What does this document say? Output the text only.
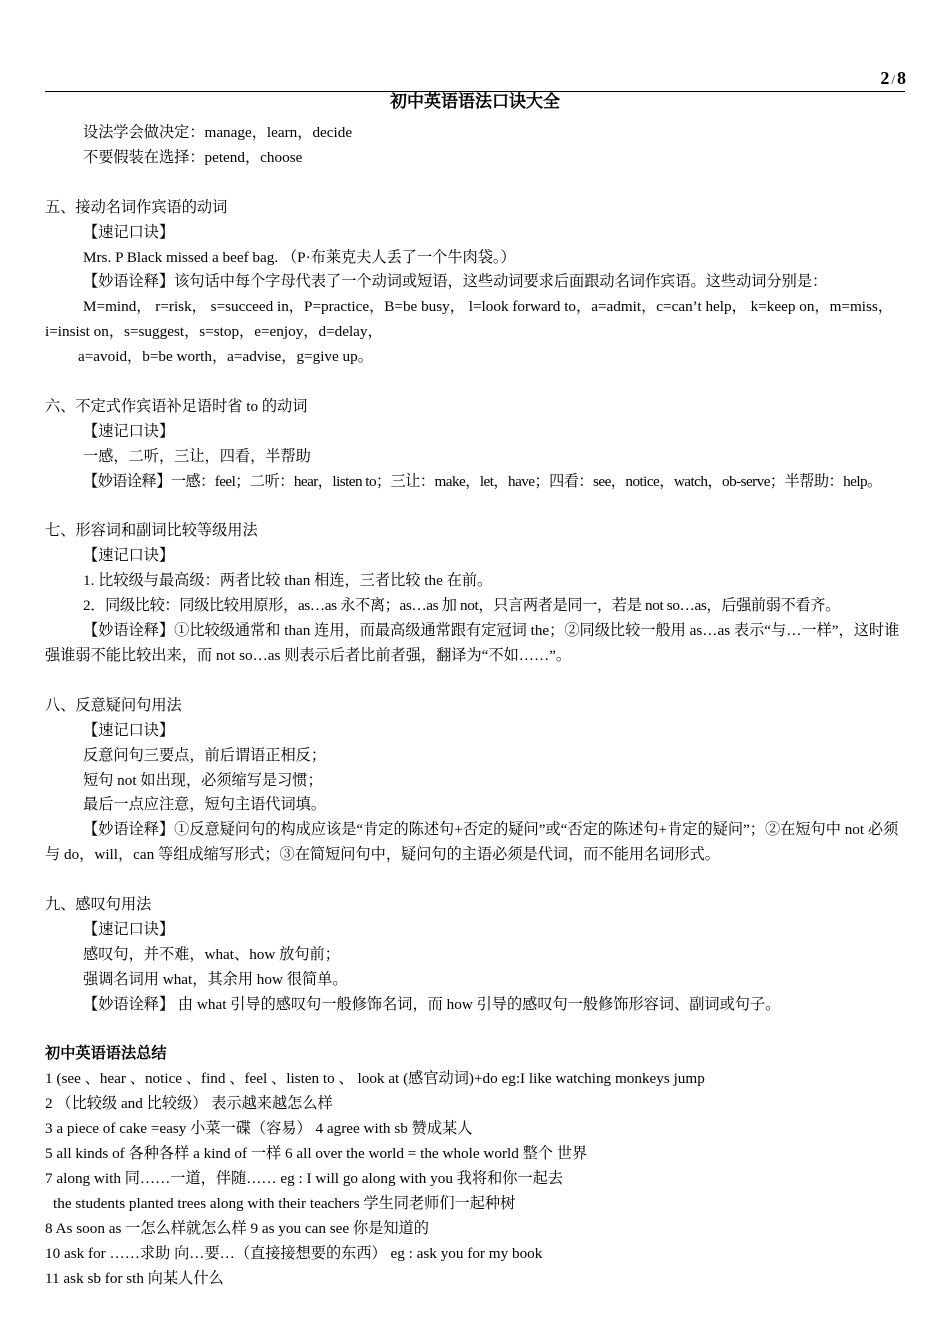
2 / 8
初中英语语法口诀大全
设法学会做决定：manage，learn，decide
不要假装在选择：petend，choose
五、接动名词作宾语的动词
【速记口诀】
Mrs. P Black missed a beef bag. （P·布莱克夫人丢了一个牛肉袋。）
【妙语诠释】该句话中每个字母代表了一个动词或短语，这些动词要求后面跟动名词作宾语。这些动词分别是：
M=mind， r=risk， s=succeed in，P=practice，B=be busy， l=look forward to，a=admit，c=can’t help， k=keep on，m=miss，i=insist on，s=suggest，s=stop，e=enjoy，d=delay，
a=avoid，b=be worth，a=advise，g=give up。
六、不定式作宾语补足语时省 to 的动词
【速记口诀】
一感，二听，三让，四看，半帮助
【妙语诠释】一感：feel；二听：hear，listen to；三让：make，let，have；四看：see，notice，watch，ob-serve；半帮助：help。
七、形容词和副词比较等级用法
【速记口诀】
1. 比较级与最高级：两者比较 than 相连，三者比较 the 在前。
2．同级比较：同级比较用原形，as…as 永不离；as…as 加 not，只言两者是同一，若是 not so…as，后强前弱不看齐。
【妙语诠释】①比较级通常和 than 连用，而最高级通常跟有定冠词 the；②同级比较一般用 as…as 表示“与…一样”，这时谁强谁弱不能比较出来，而 not so…as 则表示后者比前者强，翻译为“不如……”。
八、反意疑问句用法
【速记口诀】
反意问句三要点，前后谓语正相反；
短句 not 如出现，必须缩写是习惯；
最后一点应注意，短句主语代词填。
【妙语诠释】①反意疑问句的构成应该是“肯定的陈述句+否定的疑问”或“否定的陈述句+肯定的疑问”；②在短句中 not 必须与 do，will，can 等组成缩写形式；③在简短问句中，疑问句的主语必须是代词，而不能用名词形式。
九、感叹句用法
【速记口诀】
感叹句，并不难，what、how 放句前；
强调名词用 what，其余用 how 很简单。
【妙语诠释】 由 what 引导的感叹句一般修饰名词，而 how 引导的感叹句一般修饰形容词、副词或句子。
初中英语语法总结
1 (see 、hear 、notice 、find 、feel 、listen to 、 look at (感官动词)+do eg:I like watching monkeys jump
2 （比较级 and 比较级） 表示越来越怎么样
3 a piece of cake =easy 小菜一碟（容易） 4 agree with sb 赞成某人
5 all kinds of 各种各样 a kind of 一样 6 all over the world = the whole world 整个 世界
7 along with 同……一道，伴随…… eg : I will go along with you 我将和你一起去
the students planted trees along with their teachers 学生同老师们一起种树
8 As soon as 一怎么样就怎么样 9 as you can see 你是知道的
10 ask for ……求助 向…要…（直接接想要的东西） eg : ask you for my book
11 ask sb for sth 向某人什么
